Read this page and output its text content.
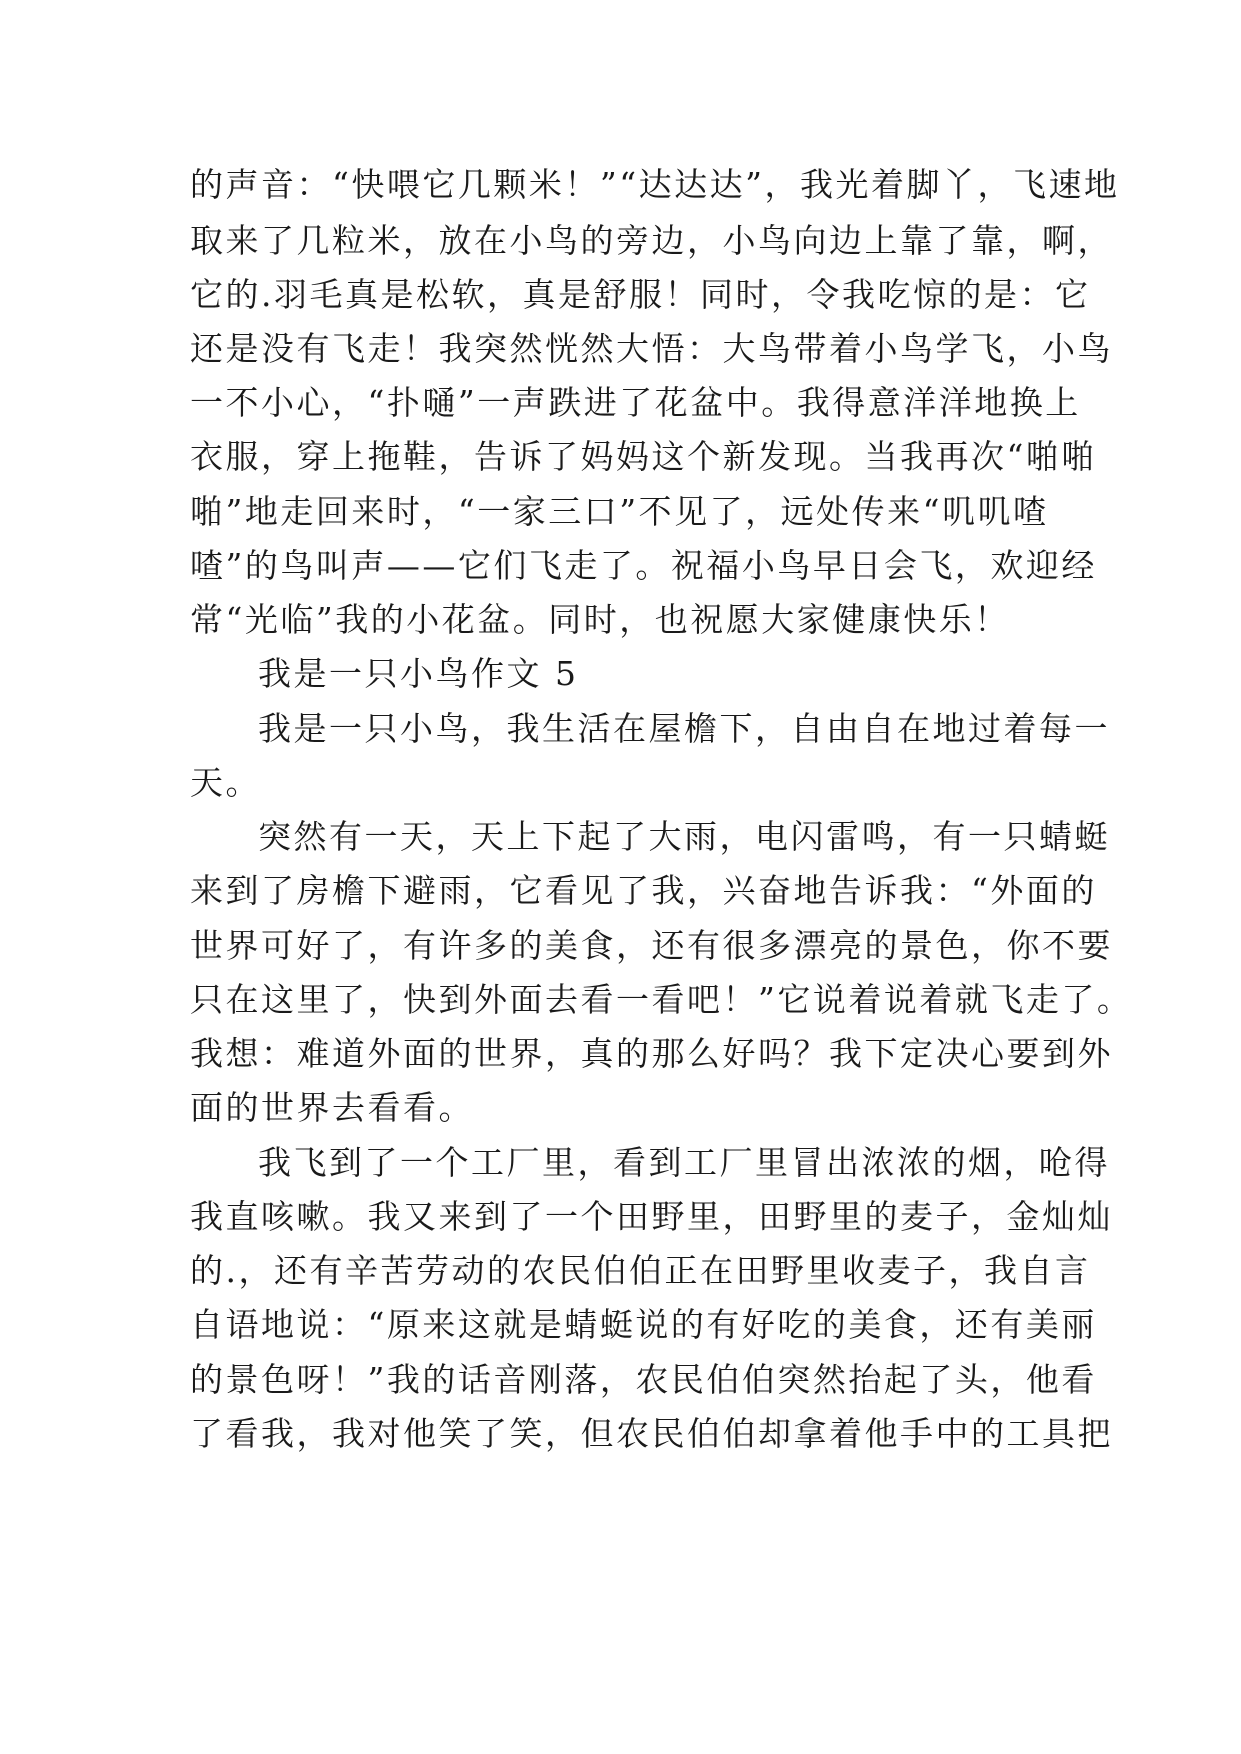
的声音：“快喂它几颗米！”“达达达”，我光着脚丫，飞速地
取来了几粒米，放在小鸟的旁边，小鸟向边上靠了靠，啊，
它的.羽毛真是松软，真是舒服！同时，令我吃惊的是：它
还是没有飞走！我突然恍然大悟：大鸟带着小鸟学飞，小鸟
一不小心，“扑嗵”一声跌进了花盆中。我得意洋洋地换上
衣服，穿上拖鞋，告诉了妈妈这个新发现。当我再次“啪啪
啪”地走回来时，“一家三口”不见了，远处传来“叽叽喳
喳”的鸟叫声——它们飞走了。祝福小鸟早日会飞，欢迎经
常“光临”我的小花盆。同时，也祝愿大家健康快乐！
我是一只小鸟作文 5
我是一只小鸟，我生活在屋檐下，自由自在地过着每一
天。
突然有一天，天上下起了大雨，电闪雷鸣，有一只蜻蜓
来到了房檐下避雨，它看见了我，兴奋地告诉我：“外面的
世界可好了，有许多的美食，还有很多漂亮的景色，你不要
只在这里了，快到外面去看一看吧！”它说着说着就飞走了。
我想：难道外面的世界，真的那么好吗？我下定决心要到外
面的世界去看看。
我飞到了一个工厂里，看到工厂里冒出浓浓的烟，呛得
我直咳嗽。我又来到了一个田野里，田野里的麦子，金灿灿
的.，还有辛苦劳动的农民伯伯正在田野里收麦子，我自言
自语地说：“原来这就是蜻蜓说的有好吃的美食，还有美丽
的景色呀！”我的话音刚落，农民伯伯突然抬起了头，他看
了看我，我对他笑了笑，但农民伯伯却拿着他手中的工具把
